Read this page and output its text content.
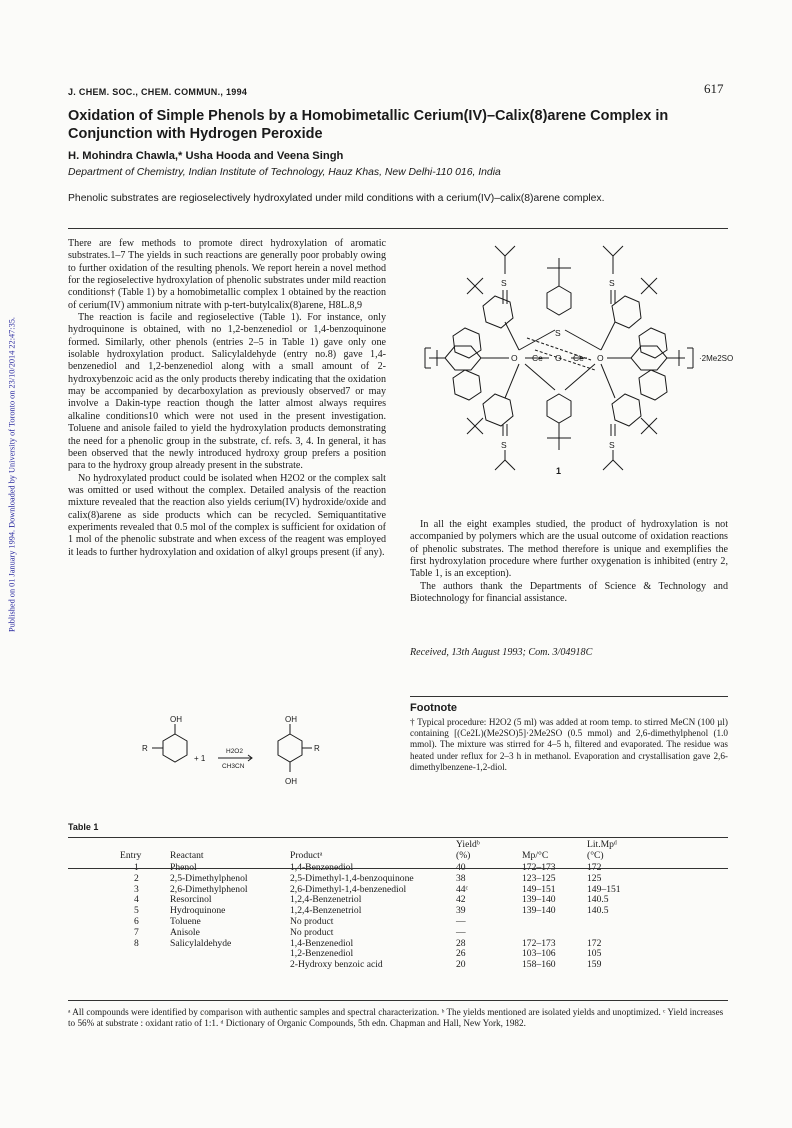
Published on 01 January 1994. Downloaded by University of Toronto on 23/10/2014 22:47:35.
J. CHEM. SOC., CHEM. COMMUN., 1994	617
Oxidation of Simple Phenols by a Homobimetallic Cerium(IV)–Calix(8)arene Complex in Conjunction with Hydrogen Peroxide
H. Mohindra Chawla,* Usha Hooda and Veena Singh
Department of Chemistry, Indian Institute of Technology, Hauz Khas, New Delhi-110 016, India
Phenolic substrates are regioselectively hydroxylated under mild conditions with a cerium(IV)–calix(8)arene complex.

There are few methods to promote direct hydroxylation of aromatic substrates.1–7 The yields in such reactions are generally poor probably owing to further oxidation of the resulting phenols. We report herein a novel method for the regioselective hydroxylation of phenolic substrates under mild reaction conditions† (Table 1) by a homobimetallic complex 1 obtained by the reaction of cerium(IV) ammonium nitrate with p-tert-butylcalix(8)arene, H8L.8,9

The reaction is facile and regioselective (Table 1). For instance, only hydroquinone is obtained, with no 1,2-benzenediol or 1,4-benzoquinone formed. Similarly, other phenols (entries 2–5 in Table 1) gave only one isolable hydroxylation product. Salicylaldehyde (entry no.8) gave 1,4-benzenediol and 1,2-benzenediol along with a small amount of 2-hydroxybenzoic acid as the only products thereby indicating that the oxidation may be accompanied by decarboxylation as previously observed7 or may involve a Dakin-type reaction though the latter almost always requires alkaline conditions10 which were not used in the present investigation. Toluene and anisole failed to yield the hydroxylation products demonstrating the need for a phenolic group in the substrate, cf. refs. 3, 4. In general, it has been observed that the newly introduced hydroxy group prefers a position para to the hydroxy group already present in the substrate.

No hydroxylated product could be isolated when H2O2 or the complex salt was omitted or used without the complex. Detailed analysis of the reaction mixture revealed that the reaction also yields cerium(IV) hydroxide/oxide and calix(8)arene as side products which can be recycled. Semiquantitative experiments revealed that 0.5 mol of the complex is sufficient for oxidation of 1 mol of the phenolic substrate and when excess of the reagent was employed it leads to further hydroxylation and oxidation of alkyl groups present (if any).

S	S
S	S
S
O	O
Ce	Ce
O	·2Me2SO
1

In all the eight examples studied, the product of hydroxylation is not accompanied by polymers which are the usual outcome of oxidation reactions of phenolic substrates. The method therefore is unique and exemplifies the first hydroxylation procedure where further oxygenation is inhibited (entry 2, Table 1, is an exception).

The authors thank the Departments of Science & Technology and Biotechnology for financial assistance.

Received, 13th August 1993; Com. 3/04918C
OH
R
+ 1
H2O2
CH3CN
OH
OH
R
Footnote
† Typical procedure: H2O2 (5 ml) was added at room temp. to stirred MeCN (100 µl) containing [(Ce2L)(Me2SO)5]·2Me2SO (0.5 mmol) and 2,6-dimethylphenol (1.0 mmol). The mixture was stirred for 4–5 h, filtered and evaporated. The residue was heated under reflux for 2–3 h in methanol. Evaporation and crystallisation gave 2,6-dimethylbenzene-1,2-diol.
Table 1
Entry	Reactant	Productᵃ	Yieldᵇ
(%)	Mp/°C	Lit.Mpᵈ
(°C)	
1	Phenol	1,4-Benzenediol	40	172–173	172	
2	2,5-Dimethylphenol	2,5-Dimethyl-1,4-benzoquinone	38	123–125	125	
3	2,6-Dimethylphenol	2,6-Dimethyl-1,4-benzenediol	44ᶜ	149–151	149–151	
4	Resorcinol	1,2,4-Benzenetriol	42	139–140	140.5	
5	Hydroquinone	1,2,4-Benzenetriol	39	139–140	140.5	
6	Toluene	No product	—			
7	Anisole	No product	—			
8	Salicylaldehyde	1,4-Benzenediol	28	172–173	172	
		1,2-Benzenediol	26	103–106	105	
		2-Hydroxy benzoic acid	20	158–160	159	
ᵃ All compounds were identified by comparison with authentic samples and spectral characterization. ᵇ The yields mentioned are isolated yields and unoptimized. ᶜ Yield increases to 56% at substrate : oxidant ratio of 1:1. ᵈ Dictionary of Organic Compounds, 5th edn. Chapman and Hall, New York, 1982.
